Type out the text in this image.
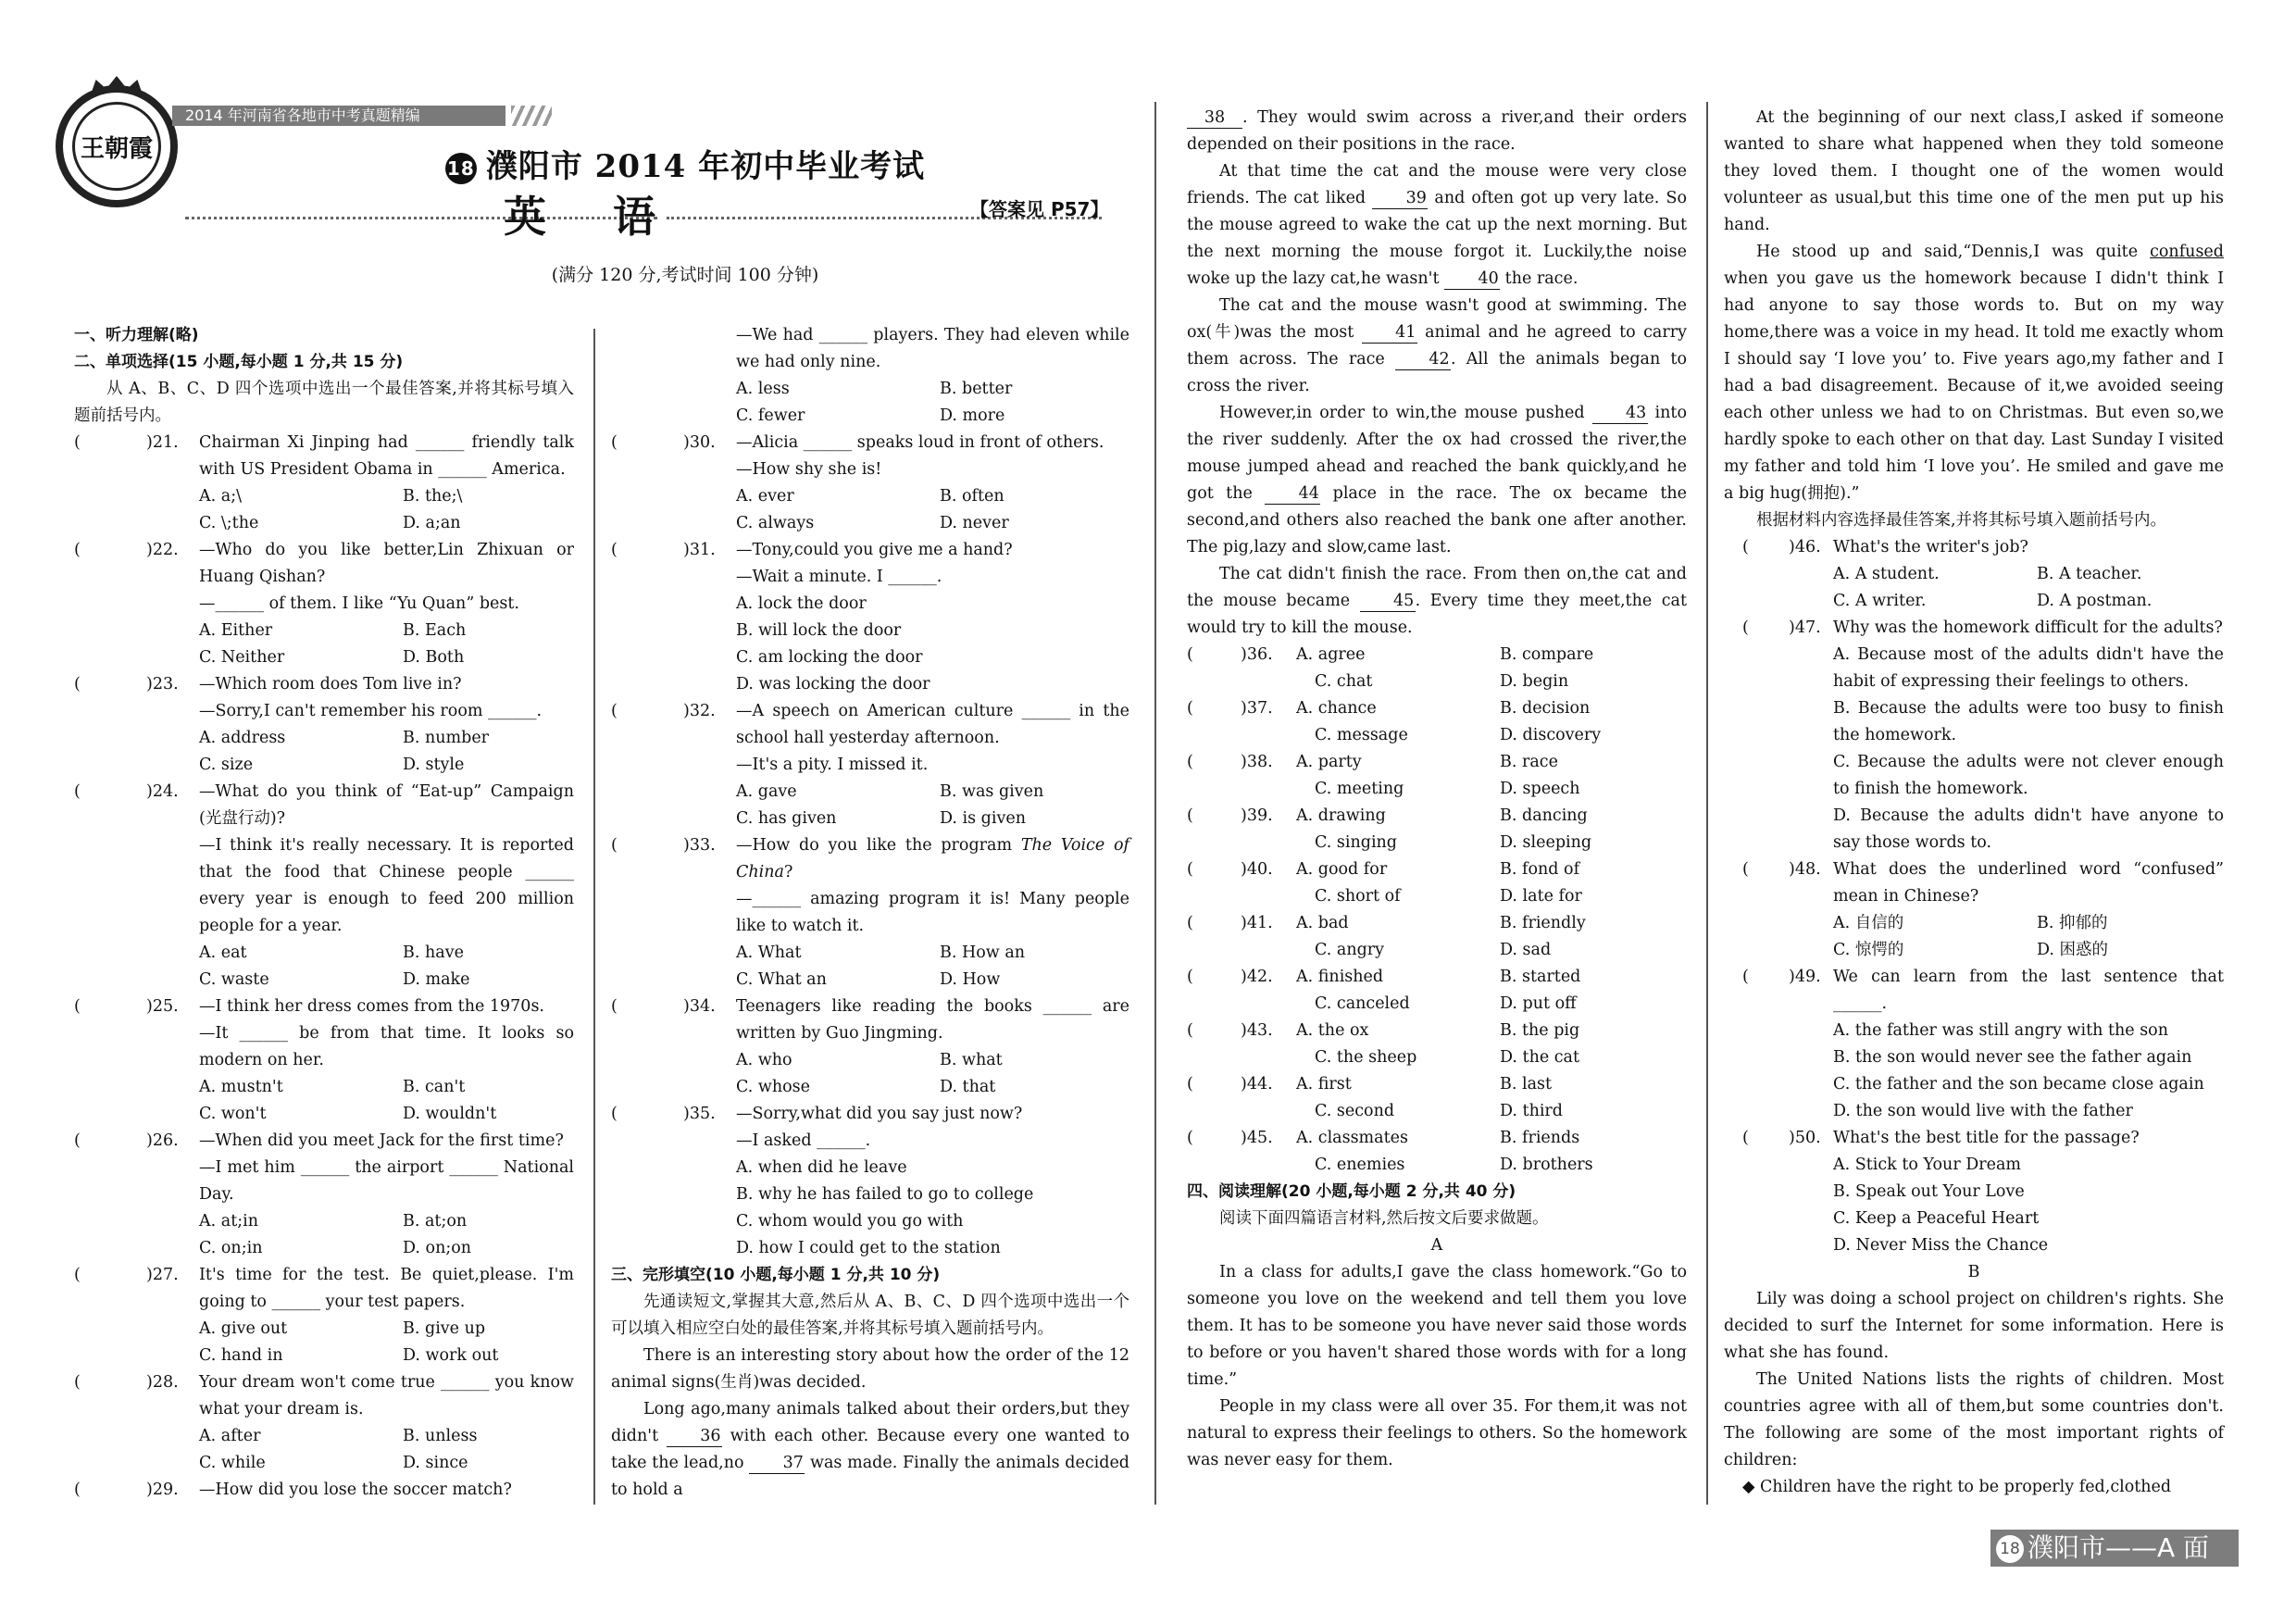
王朝霞
2014 年河南省各地市中考真题精编
18 濮阳市 2014 年初中毕业考试
英 语	【答案见 P57】
(满分 120 分,考试时间 100 分钟)
一、听力理解(略)
二、单项选择(15 小题,每小题 1 分,共 15 分)
从 A、B、C、D 四个选项中选出一个最佳答案,并将其标号填入题前括号内。
(	)21. Chairman Xi Jinping had ______ friendly talk with US President Obama in ______ America.
A. a;\	B. the;\
C. \;the	D. a;an
(	)22. —Who do you like better,Lin Zhixuan or Huang Qishan?
—______ of them. I like “Yu Quan” best.
A. Either	B. Each
C. Neither	D. Both
(	)23. —Which room does Tom live in?
—Sorry,I can't remember his room ______.
A. address	B. number
C. size	D. style
(	)24. —What do you think of “Eat-up” Campaign (光盘行动)?
—I think it's really necessary. It is reported that the food that Chinese people ______ every year is enough to feed 200 million people for a year.
A. eat	B. have
C. waste	D. make
(	)25. —I think her dress comes from the 1970s.
—It ______ be from that time. It looks so modern on her.
A. mustn't	B. can't
C. won't	D. wouldn't
(	)26. —When did you meet Jack for the first time?
—I met him ______ the airport ______ National Day.
A. at;in	B. at;on
C. on;in	D. on;on
(	)27. It's time for the test. Be quiet,please. I'm going to ______ your test papers.
A. give out	B. give up
C. hand in	D. work out
(	)28. Your dream won't come true ______ you know what your dream is.
A. after	B. unless
C. while	D. since
(	)29. —How did you lose the soccer match?
—We had ______ players. They had eleven while we had only nine.
A. less	B. better
C. fewer	D. more
(	)30. —Alicia ______ speaks loud in front of others.
—How shy she is!
A. ever	B. often
C. always	D. never
(	)31. —Tony,could you give me a hand?
—Wait a minute. I ______.
A. lock the door
B. will lock the door
C. am locking the door
D. was locking the door
(	)32. —A speech on American culture ______ in the school hall yesterday afternoon.
—It's a pity. I missed it.
A. gave	B. was given
C. has given	D. is given
(	)33. —How do you like the program The Voice of China?
—______ amazing program it is! Many people like to watch it.
A. What	B. How an
C. What an	D. How
(	)34. Teenagers like reading the books ______ are written by Guo Jingming.
A. who	B. what
C. whose	D. that
(	)35. —Sorry,what did you say just now?
—I asked ______.
A. when did he leave
B. why he has failed to go to college
C. whom would you go with
D. how I could get to the station
三、完形填空(10 小题,每小题 1 分,共 10 分)
先通读短文,掌握其大意,然后从 A、B、C、D 四个选项中选出一个可以填入相应空白处的最佳答案,并将其标号填入题前括号内。
There is an interesting story about how the order of the 12 animal signs(生肖)was decided.
Long ago,many animals talked about their orders,but they didn't 36 with each other. Because every one wanted to take the lead,no 37 was made. Finally the animals decided to hold a
38 . They would swim across a river,and their orders depended on their positions in the race.
At that time the cat and the mouse were very close friends. The cat liked 39 and often got up very late. So the mouse agreed to wake the cat up the next morning. But the next morning the mouse forgot it. Luckily,the noise woke up the lazy cat,he wasn't 40 the race.
The cat and the mouse wasn't good at swimming. The ox(牛)was the most 41 animal and he agreed to carry them across. The race 42. All the animals began to cross the river.
However,in order to win,the mouse pushed 43 into the river suddenly. After the ox had crossed the river,the mouse jumped ahead and reached the bank quickly,and he got the 44 place in the race. The ox became the second,and others also reached the bank one after another. The pig,lazy and slow,came last.
The cat didn't finish the race. From then on,the cat and the mouse became 45. Every time they meet,the cat would try to kill the mouse.
(	)36. A. agree	B. compare
C. chat	D. begin
(	)37. A. chance	B. decision
C. message	D. discovery
(	)38. A. party	B. race
C. meeting	D. speech
(	)39. A. drawing	B. dancing
C. singing	D. sleeping
(	)40. A. good for	B. fond of
C. short of	D. late for
(	)41. A. bad	B. friendly
C. angry	D. sad
(	)42. A. finished	B. started
C. canceled	D. put off
(	)43. A. the ox	B. the pig
C. the sheep	D. the cat
(	)44. A. first	B. last
C. second	D. third
(	)45. A. classmates	B. friends
C. enemies	D. brothers
四、阅读理解(20 小题,每小题 2 分,共 40 分)
阅读下面四篇语言材料,然后按文后要求做题。
A
In a class for adults,I gave the class homework.“Go to someone you love on the weekend and tell them you love them. It has to be someone you have never said those words to before or you haven't shared those words with for a long time.”
People in my class were all over 35. For them,it was not natural to express their feelings to others. So the homework was never easy for them.
At the beginning of our next class,I asked if someone wanted to share what happened when they told someone they loved them. I thought one of the women would volunteer as usual,but this time one of the men put up his hand.
He stood up and said,“Dennis,I was quite confused when you gave us the homework because I didn't think I had anyone to say those words to. But on my way home,there was a voice in my head. It told me exactly whom I should say ‘I love you’ to. Five years ago,my father and I had a bad disagreement. Because of it,we avoided seeing each other unless we had to on Christmas. But even so,we hardly spoke to each other on that day. Last Sunday I visited my father and told him ‘I love you’. He smiled and gave me a big hug(拥抱).”
根据材料内容选择最佳答案,并将其标号填入题前括号内。
( )46. What's the writer's job?
A. A student.	B. A teacher.
C. A writer.	D. A postman.
( )47. Why was the homework difficult for the adults?
A. Because most of the adults didn't have the habit of expressing their feelings to others.
B. Because the adults were too busy to finish the homework.
C. Because the adults were not clever enough to finish the homework.
D. Because the adults didn't have anyone to say those words to.
( )48. What does the underlined word “confused” mean in Chinese?
A. 自信的	B. 抑郁的
C. 惊愕的	D. 困惑的
( )49. We can learn from the last sentence that ______.
A. the father was still angry with the son
B. the son would never see the father again
C. the father and the son became close again
D. the son would live with the father
( )50. What's the best title for the passage?
A. Stick to Your Dream
B. Speak out Your Love
C. Keep a Peaceful Heart
D. Never Miss the Chance
B
Lily was doing a school project on children's rights. She decided to surf the Internet for some information. Here is what she has found.
The United Nations lists the rights of children. Most countries agree with all of them,but some countries don't. The following are some of the most important rights of children:
◆ Children have the right to be properly fed,clothed
18 濮阳市——A 面
